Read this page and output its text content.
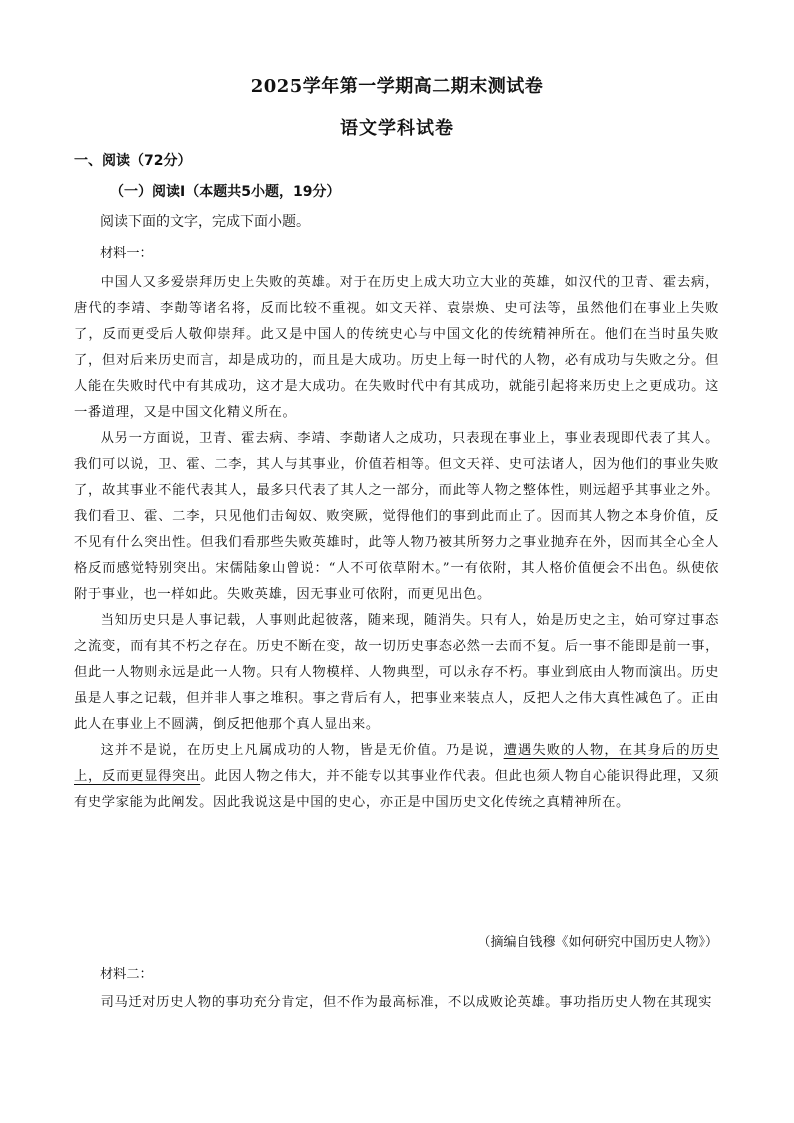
2025学年第一学期高二期末测试卷
语文学科试卷
一、阅读（72分）
（一）阅读Ⅰ（本题共5小题，19分）
阅读下面的文字，完成下面小题。
材料一：

中国人又多爱崇拜历史上失败的英雄。对于在历史上成大功立大业的英雄，如汉代的卫青、霍去病，唐代的李靖、李勣等诸名将，反而比较不重视。如文天祥、袁崇焕、史可法等，虽然他们在事业上失败了，反而更受后人敬仰崇拜。此又是中国人的传统史心与中国文化的传统精神所在。他们在当时虽失败了，但对后来历史而言，却是成功的，而且是大成功。历史上每一时代的人物，必有成功与失败之分。但人能在失败时代中有其成功，这才是大成功。在失败时代中有其成功，就能引起将来历史上之更成功。这一番道理，又是中国文化精义所在。

从另一方面说，卫青、霍去病、李靖、李勣诸人之成功，只表现在事业上，事业表现即代表了其人。我们可以说，卫、霍、二李，其人与其事业，价值若相等。但文天祥、史可法诸人，因为他们的事业失败了，故其事业不能代表其人，最多只代表了其人之一部分，而此等人物之整体性，则远超乎其事业之外。我们看卫、霍、二李，只见他们击匈奴、败突厥，觉得他们的事到此而止了。因而其人物之本身价值，反不见有什么突出性。但我们看那些失败英雄时，此等人物乃被其所努力之事业抛弃在外，因而其全心全人格反而感觉特别突出。宋儒陆象山曾说：“人不可依草附木。”一有依附，其人格价值便会不出色。纵使依附于事业，也一样如此。失败英雄，因无事业可依附，而更见出色。

当知历史只是人事记载，人事则此起彼落，随来现，随消失。只有人，始是历史之主，始可穿过事态之流变，而有其不朽之存在。历史不断在变，故一切历史事态必然一去而不复。后一事不能即是前一事，但此一人物则永远是此一人物。只有人物模样、人物典型，可以永存不朽。事业到底由人物而演出。历史虽是人事之记载，但并非人事之堆积。事之背后有人，把事业来装点人，反把人之伟大真性减色了。正由此人在事业上不圆满，倒反把他那个真人显出来。

这并不是说，在历史上凡属成功的人物，皆是无价值。乃是说，遭遇失败的人物，在其身后的历史上，反而更显得突出。此因人物之伟大，并不能专以其事业作代表。但此也须人物自心能识得此理，又须有史学家能为此阐发。因此我说这是中国的史心，亦正是中国历史文化传统之真精神所在。

（摘编自钱穆《如何研究中国历史人物》）
材料二：

司马迁对历史人物的事功充分肯定，但不作为最高标准，不以成败论英雄。事功指历史人物在其现实
